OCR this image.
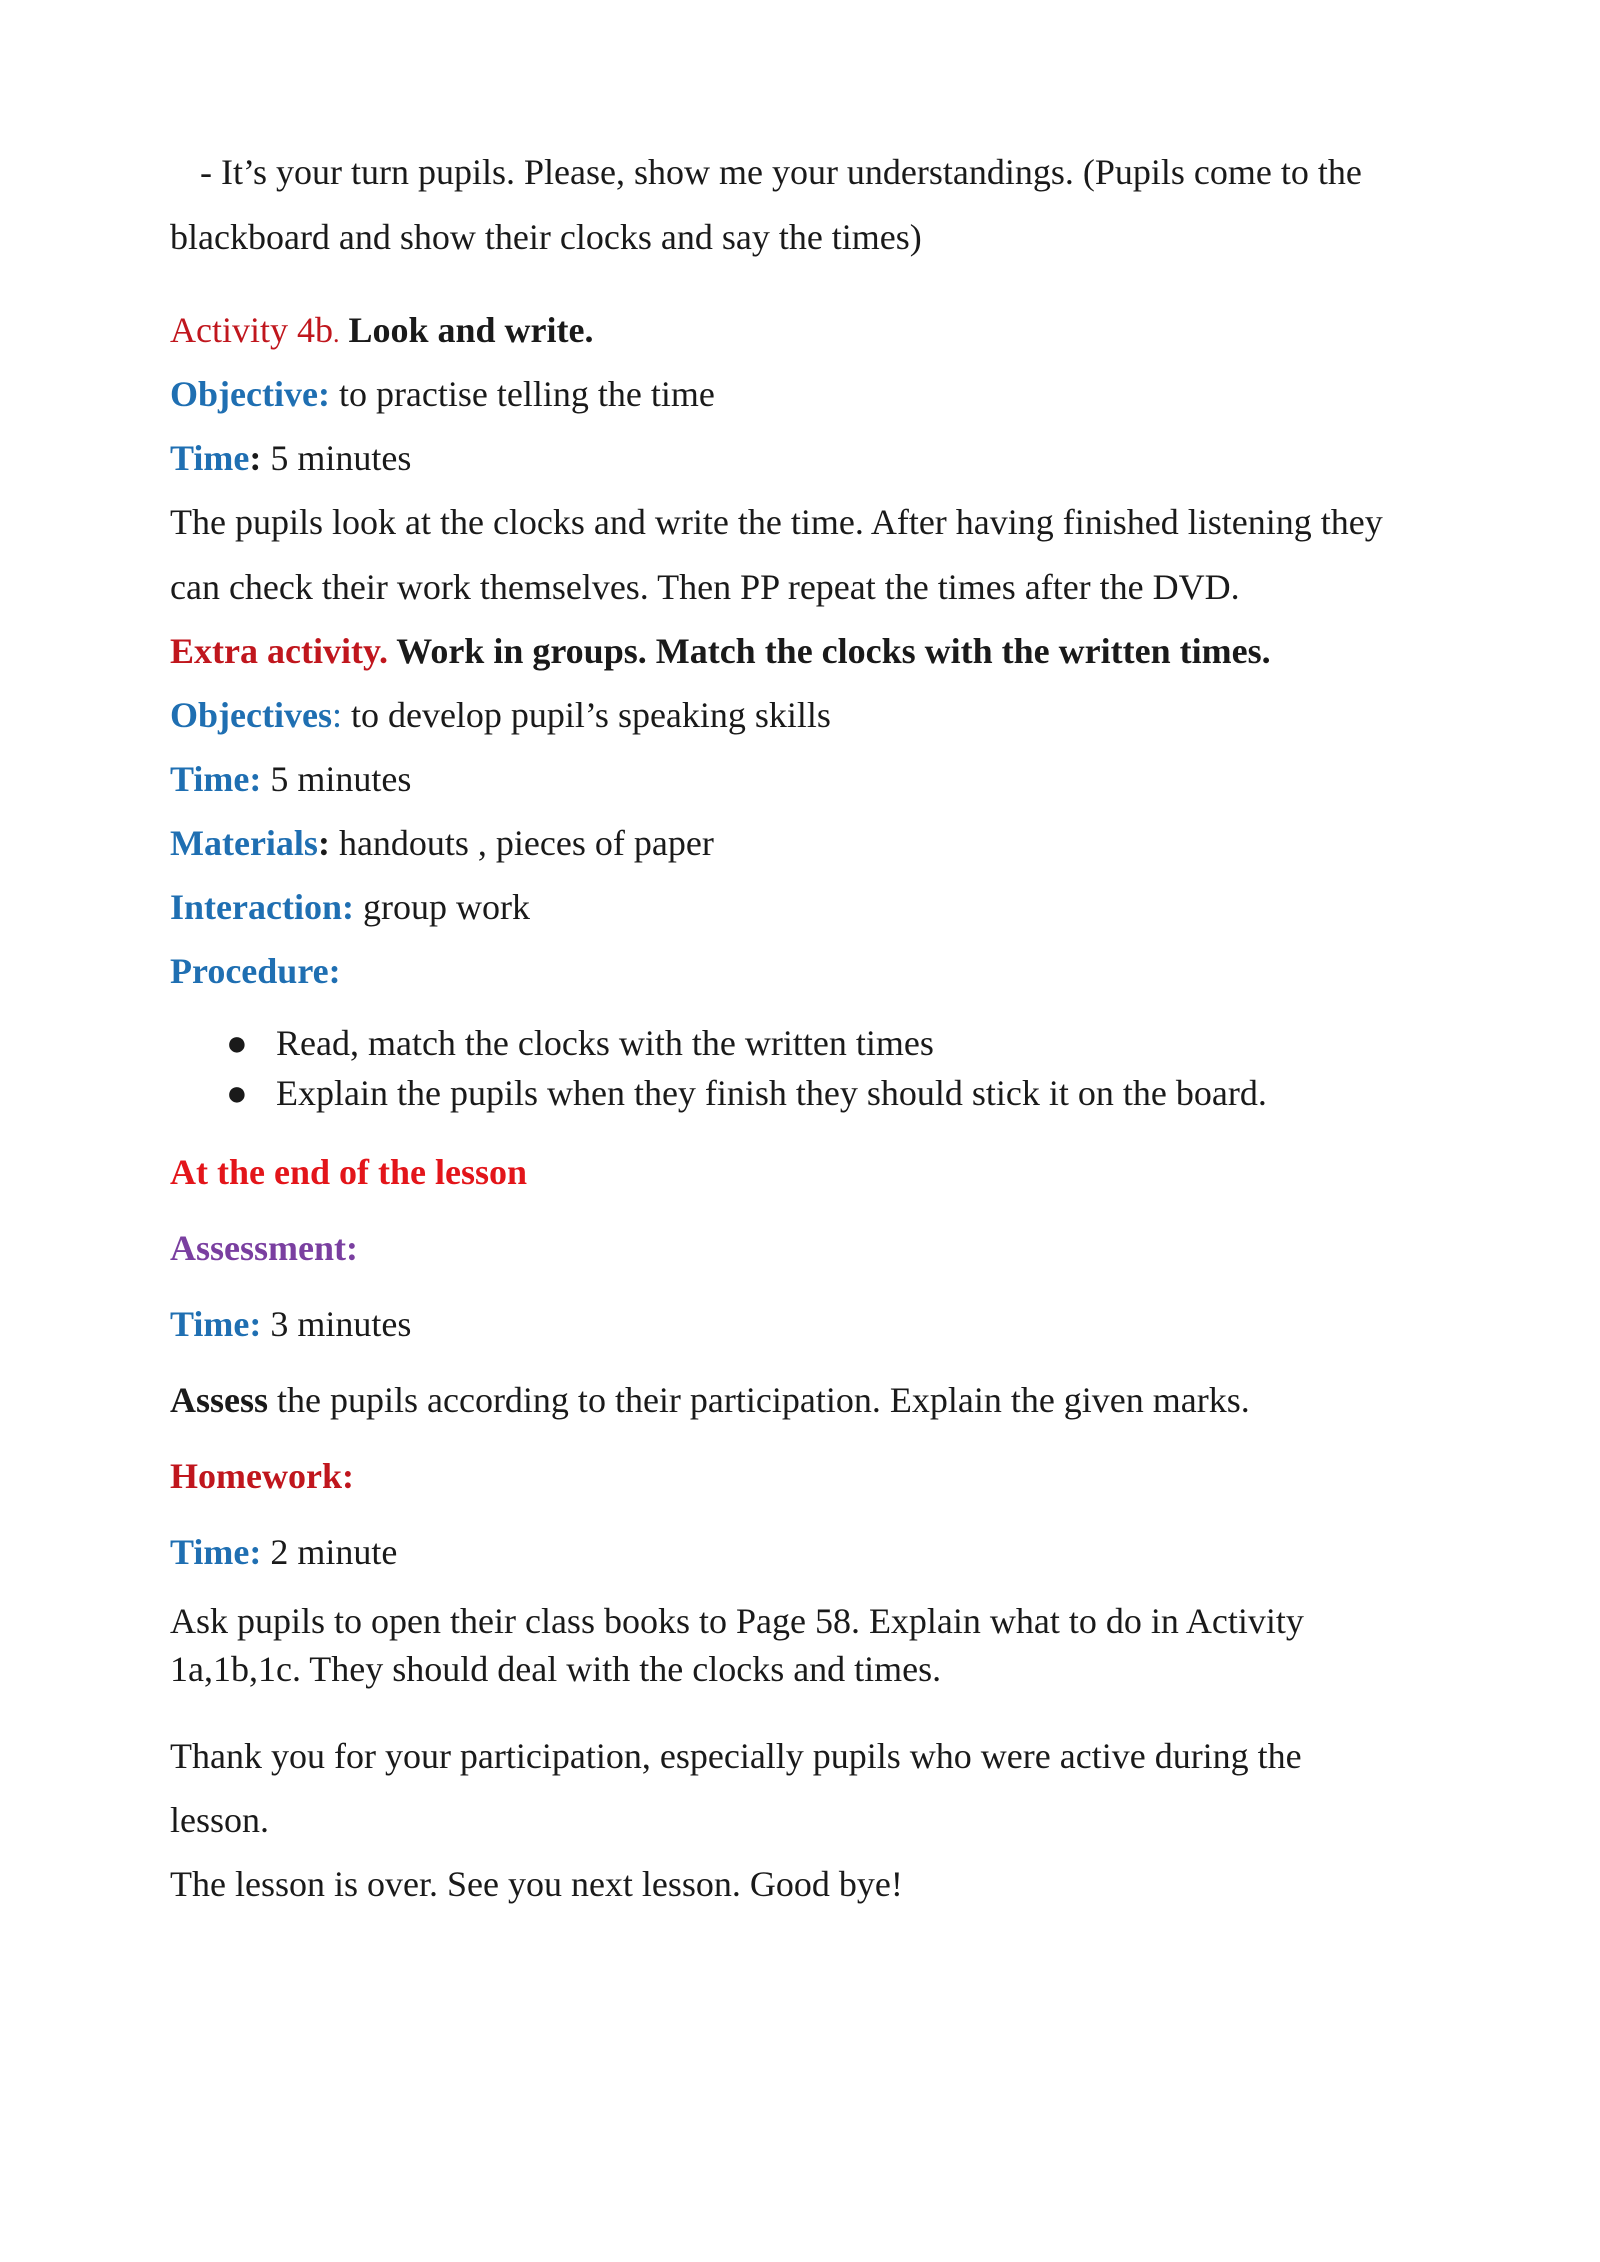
- It’s your turn pupils. Please, show me your understandings. (Pupils come to the
blackboard and show their clocks and say the times)
Activity 4b. Look and write.
Objective: to practise telling the time
Time: 5 minutes
The pupils look at the clocks and write the time. After having finished listening they
can check their work themselves. Then PP repeat the times after the DVD.
Extra activity. Work in groups. Match the clocks with the written times.
Objectives: to develop pupil’s speaking skills
Time: 5 minutes
Materials: handouts , pieces of paper
Interaction: group work
Procedure:
● Read, match the clocks with the written times
● Explain the pupils when they finish they should stick it on the board.
At the end of the lesson
Assessment:
Time: 3 minutes
Assess the pupils according to their participation. Explain the given marks.
Homework:
Time: 2 minute
Ask pupils to open their class books to Page 58. Explain what to do in Activity
1a,1b,1c. They should deal with the clocks and times.
Thank you for your participation, especially pupils who were active during the
lesson.
The lesson is over. See you next lesson. Good bye!
